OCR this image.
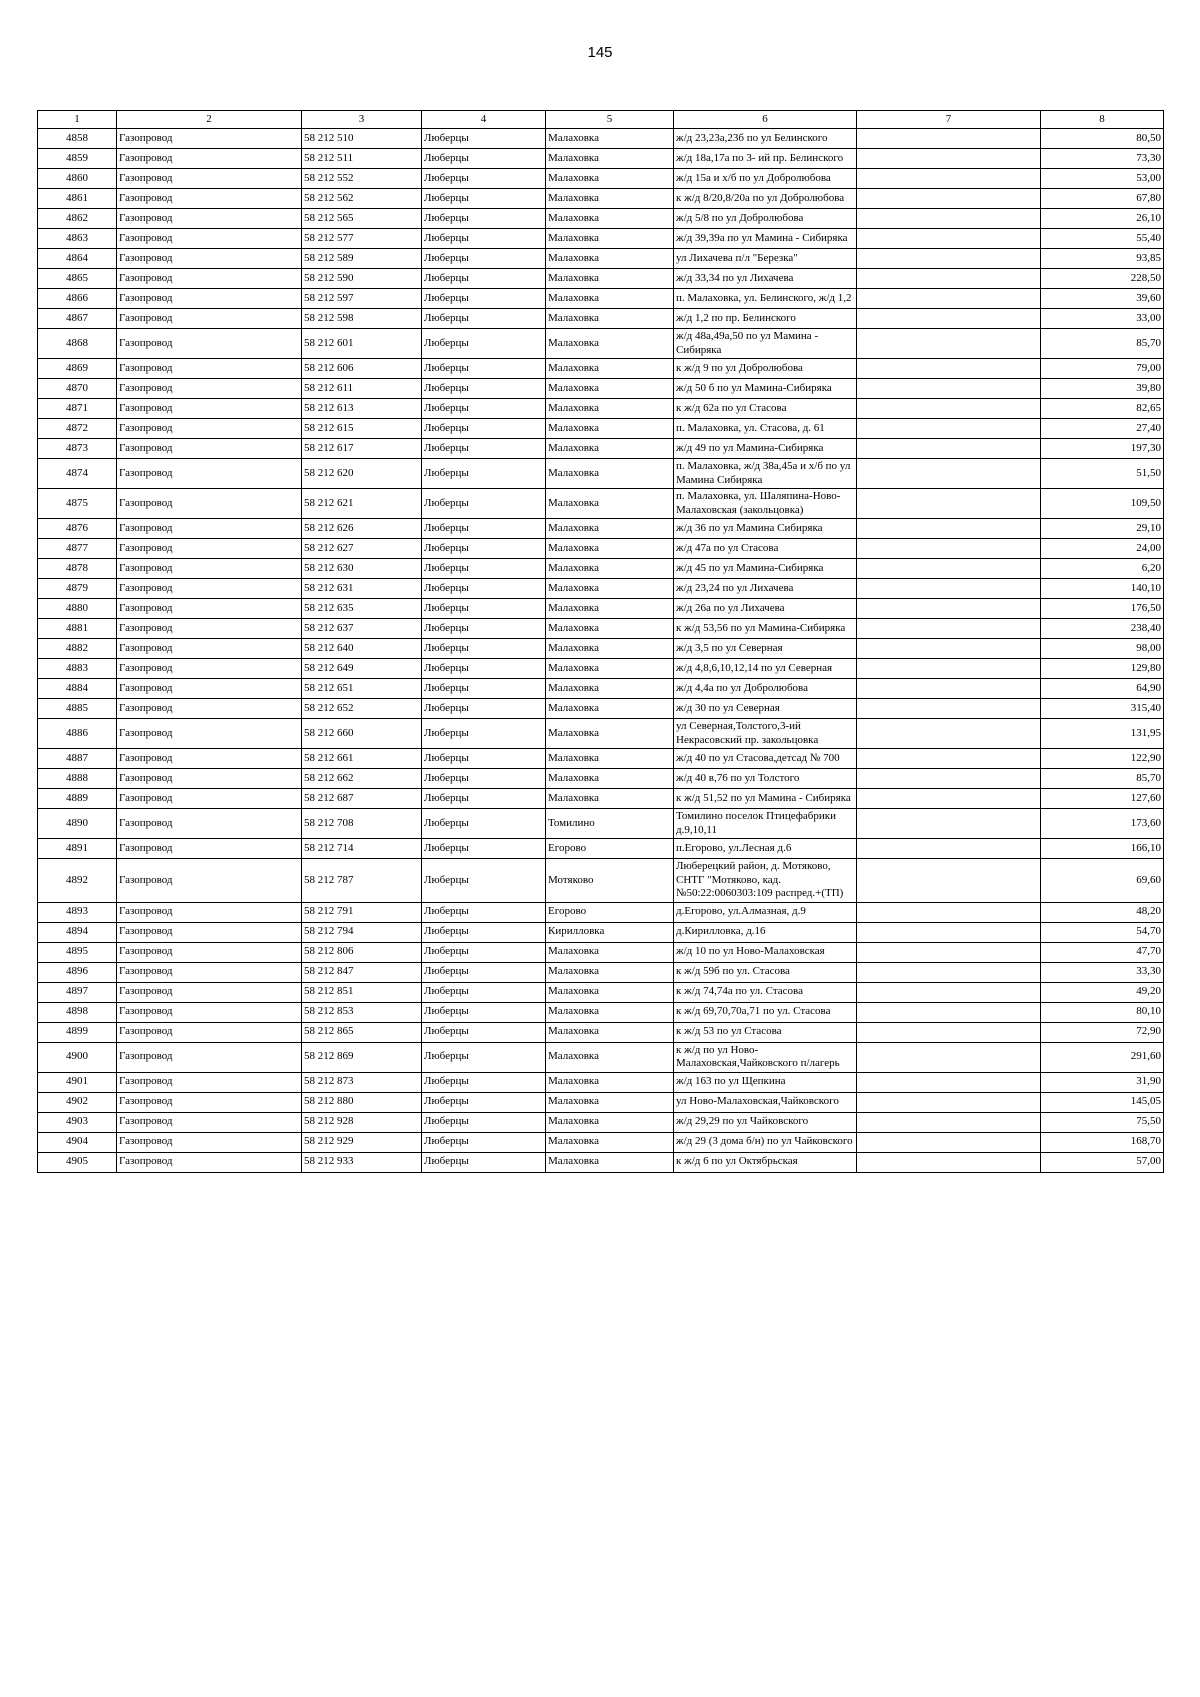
145
1	2	3	4	5	6	7	8
4858	Газопровод	58 212 510	Люберцы	Малаховка	ж/д 23,23а,23б по ул Белинского		80,50
4859	Газопровод	58 212 511	Люберцы	Малаховка	ж/д 18а,17а по 3- ий пр. Белинского		73,30
4860	Газопровод	58 212 552	Люберцы	Малаховка	ж/д 15а и х/б по ул Добролюбова		53,00
4861	Газопровод	58 212 562	Люберцы	Малаховка	к ж/д 8/20,8/20а по ул Добролюбова		67,80
4862	Газопровод	58 212 565	Люберцы	Малаховка	ж/д 5/8 по ул Добролюбова		26,10
4863	Газопровод	58 212 577	Люберцы	Малаховка	ж/д 39,39а по ул Мамина - Сибиряка		55,40
4864	Газопровод	58 212 589	Люберцы	Малаховка	ул Лихачева п/л "Березка"		93,85
4865	Газопровод	58 212 590	Люберцы	Малаховка	ж/д 33,34 по ул Лихачева		228,50
4866	Газопровод	58 212 597	Люберцы	Малаховка	п. Малаховка, ул. Белинского, ж/д 1,2		39,60
4867	Газопровод	58 212 598	Люберцы	Малаховка	ж/д 1,2 по пр. Белинского		33,00
4868	Газопровод	58 212 601	Люберцы	Малаховка	ж/д 48а,49а,50 по ул Мамина - Сибиряка		85,70
4869	Газопровод	58 212 606	Люберцы	Малаховка	к ж/д 9 по ул Добролюбова		79,00
4870	Газопровод	58 212 611	Люберцы	Малаховка	ж/д 50 б по ул Мамина-Сибиряка		39,80
4871	Газопровод	58 212 613	Люберцы	Малаховка	к ж/д 62а по ул Стасова		82,65
4872	Газопровод	58 212 615	Люберцы	Малаховка	п. Малаховка, ул. Стасова, д. 61		27,40
4873	Газопровод	58 212 617	Люберцы	Малаховка	ж/д 49 по ул Мамина-Сибиряка		197,30
4874	Газопровод	58 212 620	Люберцы	Малаховка	п. Малаховка, ж/д 38а,45а и х/б по ул Мамина Сибиряка		51,50
4875	Газопровод	58 212 621	Люберцы	Малаховка	п. Малаховка, ул. Шаляпина-Ново-Малаховская (закольцовка)		109,50
4876	Газопровод	58 212 626	Люберцы	Малаховка	ж/д 36 по ул Мамина Сибиряка		29,10
4877	Газопровод	58 212 627	Люберцы	Малаховка	ж/д 47а по ул Стасова		24,00
4878	Газопровод	58 212 630	Люберцы	Малаховка	ж/д 45 по ул Мамина-Сибиряка		6,20
4879	Газопровод	58 212 631	Люберцы	Малаховка	ж/д 23,24 по ул Лихачева		140,10
4880	Газопровод	58 212 635	Люберцы	Малаховка	ж/д 26а по ул Лихачева		176,50
4881	Газопровод	58 212 637	Люберцы	Малаховка	к ж/д 53,56 по ул Мамина-Сибиряка		238,40
4882	Газопровод	58 212 640	Люберцы	Малаховка	ж/д 3,5 по ул Северная		98,00
4883	Газопровод	58 212 649	Люберцы	Малаховка	ж/д 4,8,6,10,12,14 по ул Северная		129,80
4884	Газопровод	58 212 651	Люберцы	Малаховка	ж/д 4,4а по ул Добролюбова		64,90
4885	Газопровод	58 212 652	Люберцы	Малаховка	ж/д 30 по ул Северная		315,40
4886	Газопровод	58 212 660	Люберцы	Малаховка	ул Северная,Толстого,3-ий Некрасовский пр. закольцовка		131,95
4887	Газопровод	58 212 661	Люберцы	Малаховка	ж/д 40 по ул Стасова,детсад № 700		122,90
4888	Газопровод	58 212 662	Люберцы	Малаховка	ж/д 40 в,76 по ул Толстого		85,70
4889	Газопровод	58 212 687	Люберцы	Малаховка	к ж/д 51,52 по ул Мамина - Сибиряка		127,60
4890	Газопровод	58 212 708	Люберцы	Томилино	Томилино поселок Птицефабрики д.9,10,11		173,60
4891	Газопровод	58 212 714	Люберцы	Егорово	п.Егорово, ул.Лесная д.6		166,10
4892	Газопровод	58 212 787	Люберцы	Мотяково	Люберецкий район, д. Мотяково, СНТГ "Мотяково, кад. №50:22:0060303:109 распред.+(ТП)		69,60
4893	Газопровод	58 212 791	Люберцы	Егорово	д.Егорово, ул.Алмазная, д.9		48,20
4894	Газопровод	58 212 794	Люберцы	Кирилловка	д.Кирилловка, д.16		54,70
4895	Газопровод	58 212 806	Люберцы	Малаховка	ж/д 10 по ул Ново-Малаховская		47,70
4896	Газопровод	58 212 847	Люберцы	Малаховка	к ж/д 59б по ул. Стасова		33,30
4897	Газопровод	58 212 851	Люберцы	Малаховка	к ж/д 74,74а по ул. Стасова		49,20
4898	Газопровод	58 212 853	Люберцы	Малаховка	к ж/д 69,70,70а,71 по ул. Стасова		80,10
4899	Газопровод	58 212 865	Люберцы	Малаховка	к ж/д 53 по ул Стасова		72,90
4900	Газопровод	58 212 869	Люберцы	Малаховка	к ж/д по ул Ново-Малаховская,Чайковского п/лагерь		291,60
4901	Газопровод	58 212 873	Люберцы	Малаховка	ж/д 163 по ул Щепкина		31,90
4902	Газопровод	58 212 880	Люберцы	Малаховка	ул Ново-Малаховская,Чайковского		145,05
4903	Газопровод	58 212 928	Люберцы	Малаховка	ж/д 29,29 по ул Чайковского		75,50
4904	Газопровод	58 212 929	Люберцы	Малаховка	ж/д 29 (3 дома б/н) по ул Чайковского		168,70
4905	Газопровод	58 212 933	Люберцы	Малаховка	к ж/д 6 по ул Октябрьская		57,00
